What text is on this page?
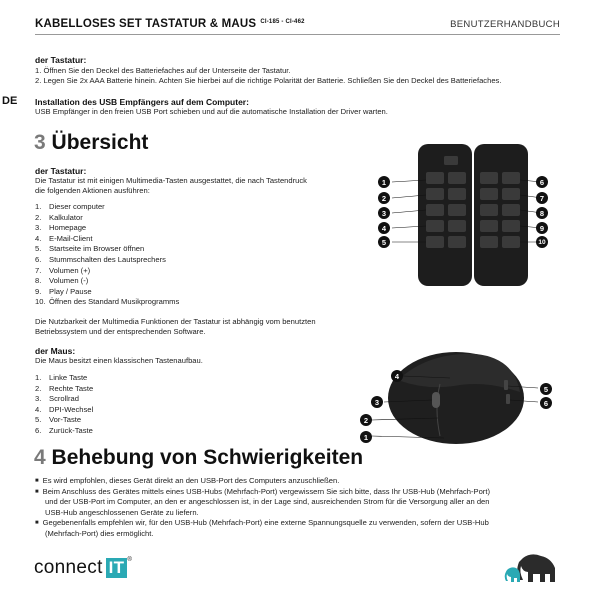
KABELLOSES SET TASTATUR & MAUS $^{CI-185 - CI-462}$	BENUTZERHANDBUCH
DE
der Tastatur:
1. Öffnen Sie den Deckel des Batteriefaches auf der Unterseite der Tastatur.
2. Legen Sie 2x AAA Batterie hinein. Achten Sie hierbei auf die richtige Polarität der Batterie. Schließen Sie den Deckel des Batteriefaches.
Installation des USB Empfängers auf dem Computer:
USB Empfänger in den freien USB Port schieben und auf die automatische Installation der Driver warten.
3 Übersicht
der Tastatur:
Die Tastatur ist mit einigen Multimedia-Tasten ausgestattet, die nach Tastendruck
die folgenden Aktionen ausführen:
1. Dieser computer
2. Kalkulator
3. Homepage
4. E-Mail-Client
5. Startseite im Browser öffnen
6. Stummschalten des Lautsprechers
7. Volumen (+)
8. Volumen (-)
9. Play / Pause
10. Öffnen des Standard Musikprogramms
Die Nutzbarkeit der Multimedia Funktionen der Tastatur ist abhängig vom benutzten
Betriebssystem und der entsprechenden Software.
der Maus:
Die Maus besitzt einen klassischen Tastenaufbau.
1. Linke Taste
2. Rechte Taste
3. Scrollrad
4. DPI-Wechsel
5. Vor-Taste
6. Zurück-Taste
1
2
3
4
5
6
7
8
9
10
4
3
2
1
5
6
4 Behebung von Schwierigkeiten
■ Es wird empfohlen, dieses Gerät direkt an den USB-Port des Computers anzuschließen.
■ Beim Anschluss des Gerätes mittels eines USB-Hubs (Mehrfach-Port) vergewissern Sie sich bitte, dass Ihr USB-Hub (Mehrfach-Port)
und der USB-Port im Computer, an den er angeschlossen ist, in der Lage sind, ausreichenden Strom für die Versorgung aller an den
USB-Hub angeschlossenen Geräte zu liefern.
■ Gegebenenfalls empfehlen wir, für den USB-Hub (Mehrfach-Port) eine externe Spannungsquelle zu verwenden, sofern der USB-Hub
(Mehrfach-Port) dies ermöglicht.
connect IT ®
